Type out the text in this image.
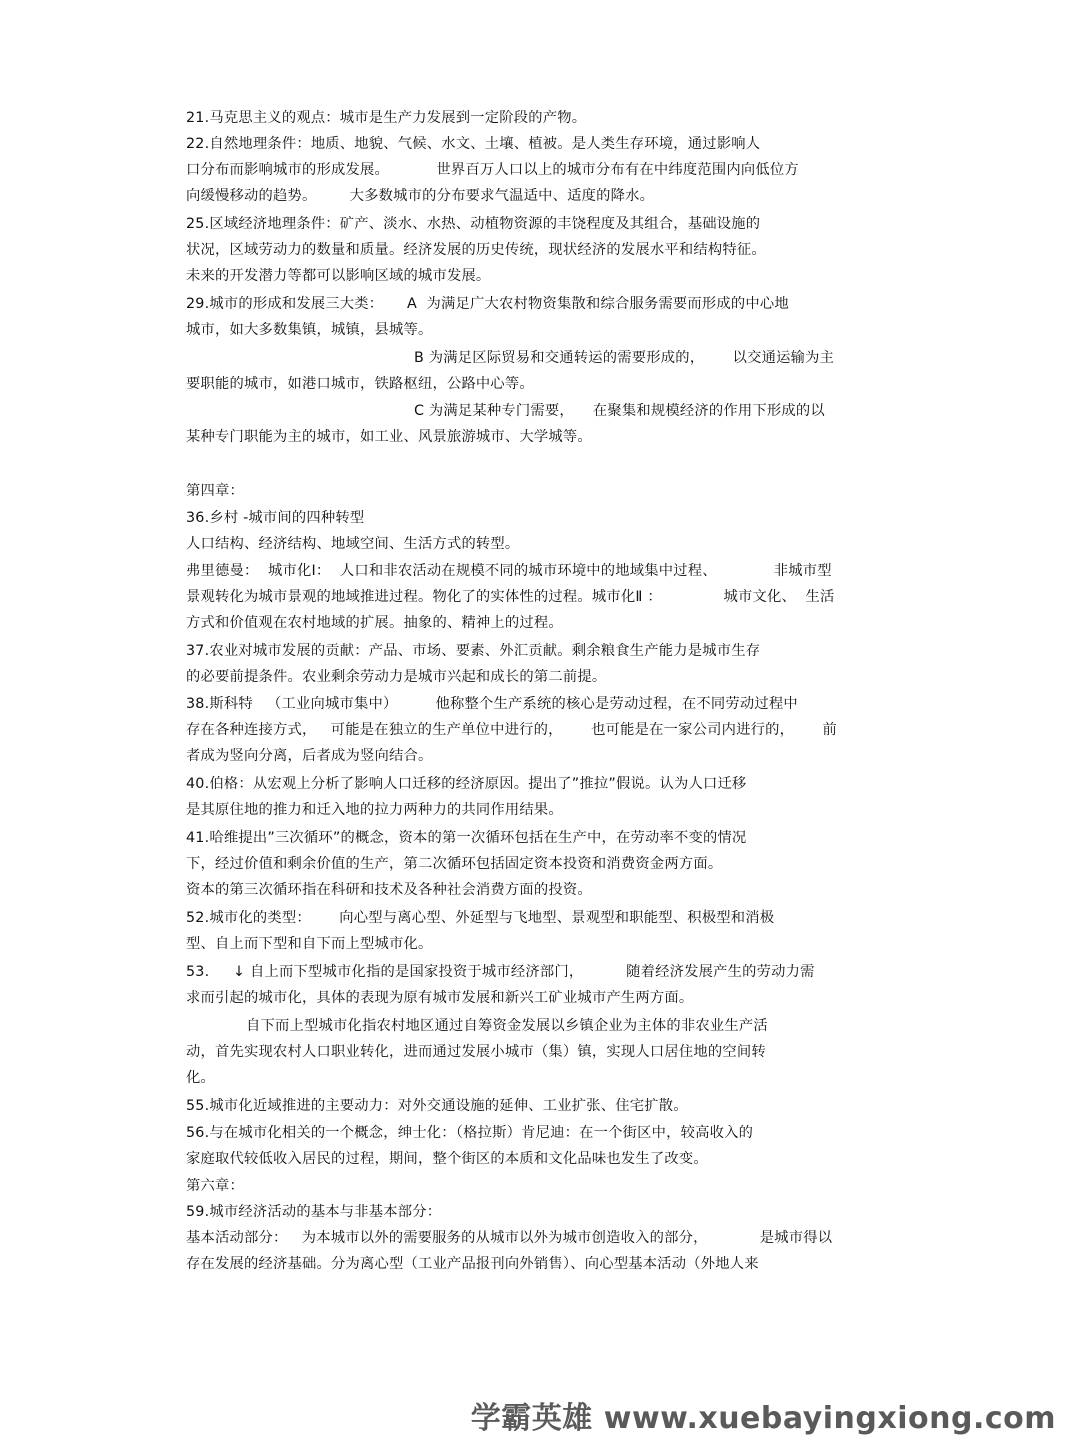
21.马克思主义的观点：城市是生产力发展到一定阶段的产物。
22.自然地理条件：地质、地貌、气候、水文、土壤、植被。是人类生存环境，通过影响人
口分布而影响城市的形成发展。          世界百万人口以上的城市分布有在中纬度范围内向低位方
向缓慢移动的趋势。       大多数城市的分布要求气温适中、适度的降水。
25.区域经济地理条件：矿产、淡水、水热、动植物资源的丰饶程度及其组合，基础设施的
状况，区域劳动力的数量和质量。经济发展的历史传统，现状经济的发展水平和结构特征。
未来的开发潜力等都可以影响区域的城市发展。
29.城市的形成和发展三大类：     A  为满足广大农村物资集散和综合服务需要而形成的中心地
城市，如大多数集镇，城镇，县城等。
B 为满足区际贸易和交通转运的需要形成的，      以交通运输为主
要职能的城市，如港口城市，铁路枢纽，公路中心等。
C 为满足某种专门需要，    在聚集和规模经济的作用下形成的以
某种专门职能为主的城市，如工业、风景旅游城市、大学城等。
第四章：
36.乡村 -城市间的四种转型
人口结构、经济结构、地域空间、生活方式的转型。
弗里德曼：  城市化Ⅰ：  人口和非农活动在规模不同的城市环境中的地域集中过程、            非城市型
景观转化为城市景观的地域推进过程。物化了的实体性的过程。城市化Ⅱ ：             城市文化、  生活
方式和价值观在农村地域的扩展。抽象的、精神上的过程。
37.农业对城市发展的贡献：产品、市场、要素、外汇贡献。剩余粮食生产能力是城市生存
的必要前提条件。农业剩余劳动力是城市兴起和成长的第二前提。
38.斯科特   （工业向城市集中）        他称整个生产系统的核心是劳动过程，在不同劳动过程中
存在各种连接方式，   可能是在独立的生产单位中进行的，      也可能是在一家公司内进行的，      前
者成为竖向分离，后者成为竖向结合。
40.伯格：从宏观上分析了影响人口迁移的经济原因。提出了”推拉”假说。认为人口迁移
是其原住地的推力和迁入地的拉力两种力的共同作用结果。
41.哈维提出”三次循环”的概念，资本的第一次循环包括在生产中，在劳动率不变的情况
下，经过价值和剩余价值的生产，第二次循环包括固定资本投资和消费资金两方面。
资本的第三次循环指在科研和技术及各种社会消费方面的投资。
52.城市化的类型：      向心型与离心型、外延型与飞地型、景观型和职能型、积极型和消极
型、自上而下型和自下而上型城市化。
53.     ↓ 自上而下型城市化指的是国家投资于城市经济部门，         随着经济发展产生的劳动力需
求而引起的城市化，具体的表现为原有城市发展和新兴工矿业城市产生两方面。
自下而上型城市化指农村地区通过自筹资金发展以乡镇企业为主体的非农业生产活
动，首先实现农村人口职业转化，进而通过发展小城市（集）镇，实现人口居住地的空间转
化。
55.城市化近域推进的主要动力：对外交通设施的延伸、工业扩张、住宅扩散。
56.与在城市化相关的一个概念，绅士化：（格拉斯）肯尼迪：在一个街区中，较高收入的
家庭取代较低收入居民的过程，期间，整个街区的本质和文化品味也发生了改变。
第六章：
59.城市经济活动的基本与非基本部分：
基本活动部分：   为本城市以外的需要服务的从城市以外为城市创造收入的部分，           是城市得以
存在发展的经济基础。分为离心型（工业产品报刊向外销售）、向心型基本活动（外地人来
学霸英雄 www.xuebayingxiong.com
